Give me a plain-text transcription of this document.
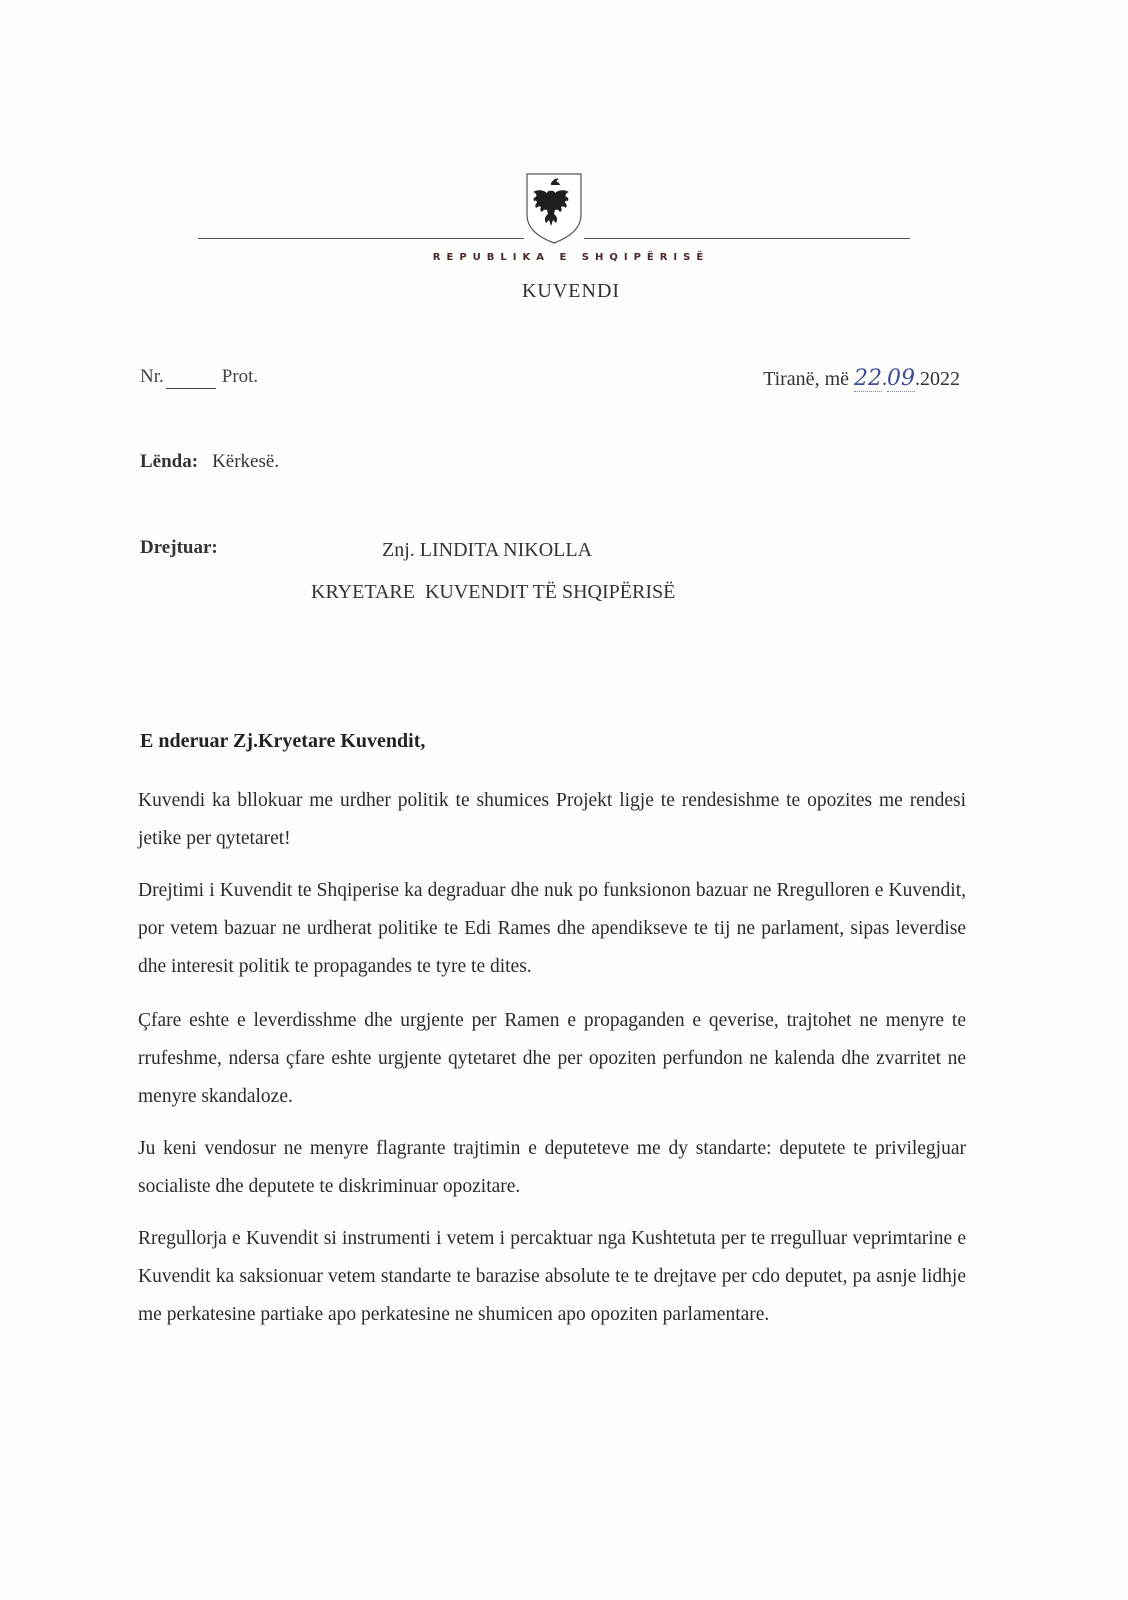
REPUBLIKA E SHQIPËRISË
KUVENDI
Nr.	Prot.	Tiranë, më 22.09.2022
Lënda: Kërkesë.
Drejtuar:	Znj. LINDITA NIKOLLA
KRYETARE  KUVENDIT TË SHQIPËRISË
E nderuar Zj.Kryetare Kuvendit,

Kuvendi ka bllokuar me urdher politik te shumices Projekt ligje te rendesishme te opozites me rendesi jetike per qytetaret!

Drejtimi i Kuvendit te Shqiperise ka degraduar dhe nuk po funksionon bazuar ne Rregulloren e Kuvendit, por vetem bazuar ne urdherat politike te Edi Rames dhe apendikseve te tij ne parlament, sipas leverdise dhe interesit politik te propagandes te tyre te dites.

Çfare eshte e leverdisshme dhe urgjente per Ramen e propaganden e qeverise, trajtohet ne menyre te rrufeshme, ndersa çfare eshte urgjente qytetaret dhe per opoziten perfundon ne kalenda dhe zvarritet ne menyre skandaloze.

Ju keni vendosur ne menyre flagrante trajtimin e deputeteve me dy standarte: deputete te privilegjuar socialiste dhe deputete te diskriminuar opozitare.

Rregullorja e Kuvendit si instrumenti i vetem i percaktuar nga Kushtetuta per te rregulluar veprimtarine e Kuvendit ka saksionuar vetem standarte te barazise absolute te te drejtave per cdo deputet, pa asnje lidhje me perkatesine partiake apo perkatesine ne shumicen apo opoziten parlamentare.
